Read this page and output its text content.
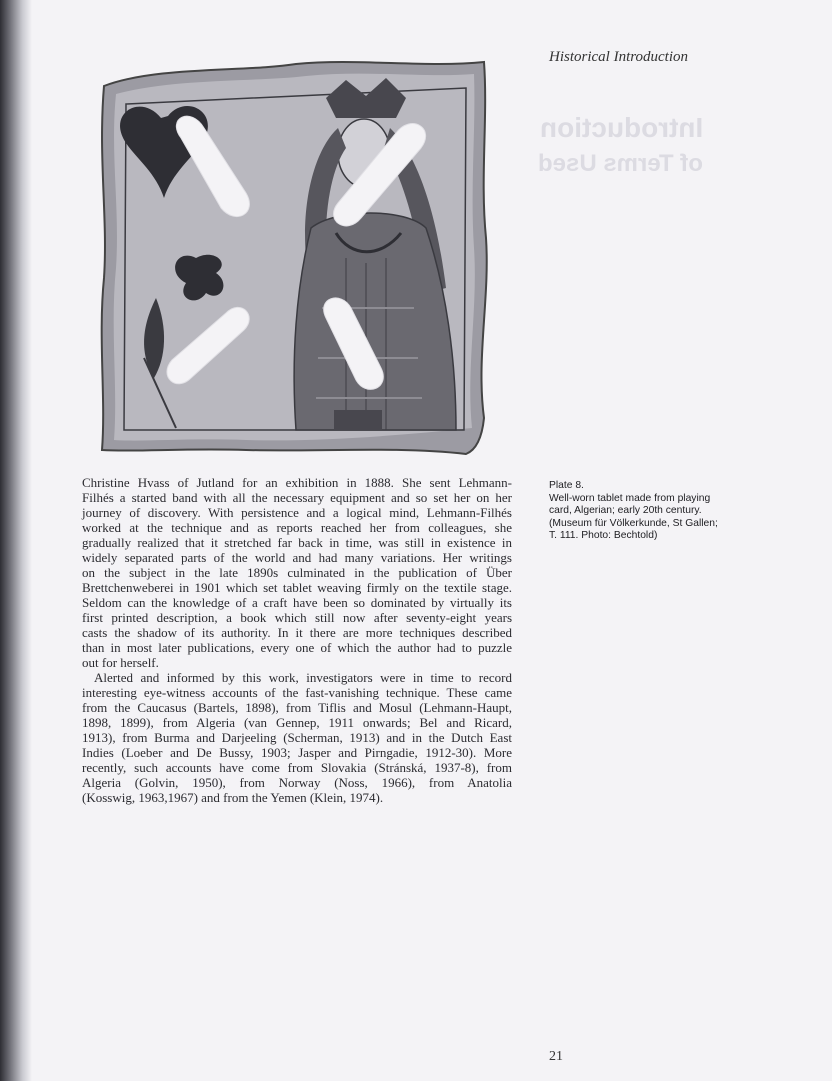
Introduction
of Terms Used
Historical Introduction
Plate 8.
Well-worn tablet made from playing
card, Algerian; early 20th century.
(Museum für Völkerkunde, St Gallen;
T. 111. Photo: Bechtold)
Christine Hvass of Jutland for an exhibition in 1888. She sent Lehmann-
Filhés a started band with all the necessary equipment and so set her on her
journey of discovery. With persistence and a logical mind, Lehmann-Filhés
worked at the technique and as reports reached her from colleagues, she
gradually realized that it stretched far back in time, was still in existence in
widely separated parts of the world and had many variations. Her writings
on the subject in the late 1890s culminated in the publication of Über
Brettchenweberei in 1901 which set tablet weaving firmly on the textile stage.
Seldom can the knowledge of a craft have been so dominated by virtually its
first printed description, a book which still now after seventy-eight years
casts the shadow of its authority. In it there are more techniques described
than in most later publications, every one of which the author had to puzzle
out for herself.
Alerted and informed by this work, investigators were in time to record
interesting eye-witness accounts of the fast-vanishing technique. These came
from the Caucasus (Bartels, 1898), from Tiflis and Mosul (Lehmann-Haupt,
1898, 1899), from Algeria (van Gennep, 1911 onwards; Bel and Ricard,
1913), from Burma and Darjeeling (Scherman, 1913) and in the Dutch East
Indies (Loeber and De Bussy, 1903; Jasper and Pirngadie, 1912-30). More
recently, such accounts have come from Slovakia (Stránská, 1937-8), from
Algeria (Golvin, 1950), from Norway (Noss, 1966), from Anatolia
(Kosswig, 1963,1967) and from the Yemen (Klein, 1974).
21
